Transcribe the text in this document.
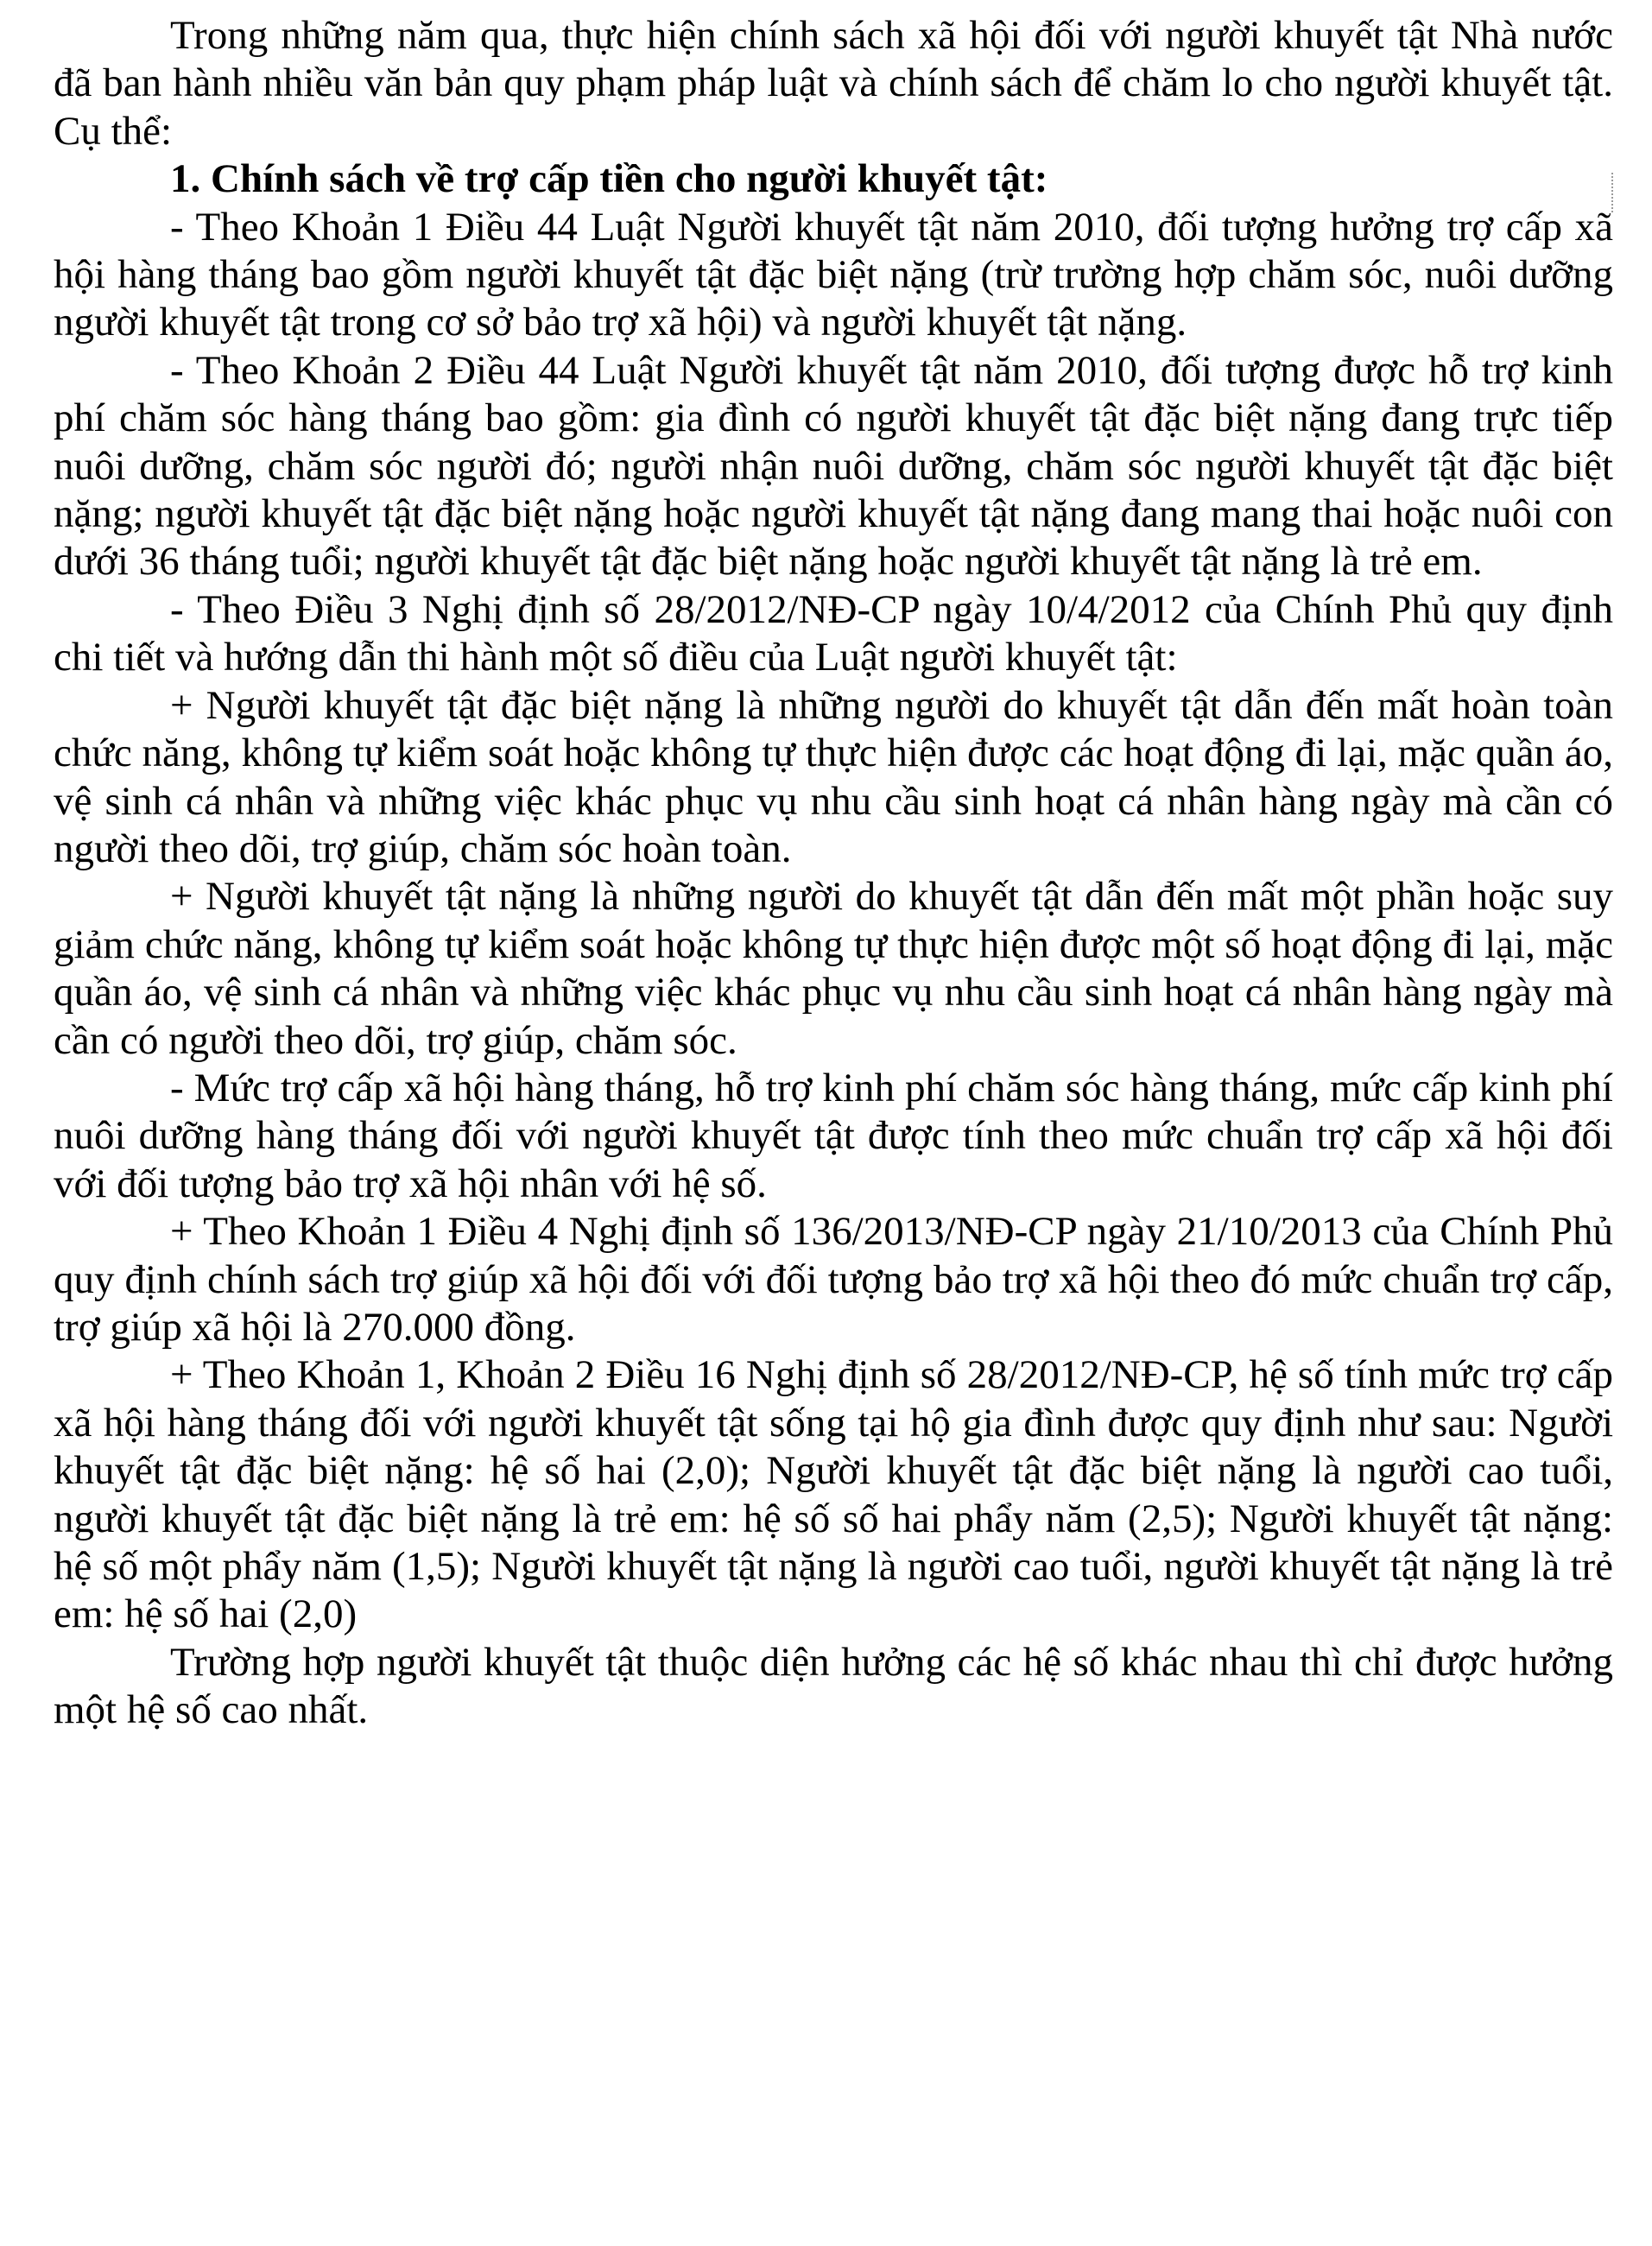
Trong những năm qua, thực hiện chính sách xã hội đối với người khuyết tật Nhà nước đã ban hành nhiều văn bản quy phạm pháp luật và chính sách để chăm lo cho người khuyết tật. Cụ thể:

1. Chính sách về trợ cấp tiền cho người khuyết tật:

- Theo Khoản 1 Điều 44 Luật Người khuyết tật năm 2010, đối tượng hưởng trợ cấp xã hội hàng tháng bao gồm người khuyết tật đặc biệt nặng (trừ trường hợp chăm sóc, nuôi dưỡng người khuyết tật trong cơ sở bảo trợ xã hội) và người khuyết tật nặng.

- Theo Khoản 2 Điều 44 Luật Người khuyết tật năm 2010, đối tượng được hỗ trợ kinh phí chăm sóc hàng tháng bao gồm: gia đình có người khuyết tật đặc biệt nặng đang trực tiếp nuôi dưỡng, chăm sóc người đó; người nhận nuôi dưỡng, chăm sóc người khuyết tật đặc biệt nặng; người khuyết tật đặc biệt nặng hoặc người khuyết tật nặng đang mang thai hoặc nuôi con dưới 36 tháng tuổi; người khuyết tật đặc biệt nặng hoặc người khuyết tật nặng là trẻ em.

- Theo Điều 3 Nghị định số 28/2012/NĐ-CP ngày 10/4/2012 của Chính Phủ quy định chi tiết và hướng dẫn thi hành một số điều của Luật người khuyết tật:

+ Người khuyết tật đặc biệt nặng là những người do khuyết tật dẫn đến mất hoàn toàn chức năng, không tự kiểm soát hoặc không tự thực hiện được các hoạt động đi lại, mặc quần áo, vệ sinh cá nhân và những việc khác phục vụ nhu cầu sinh hoạt cá nhân hàng ngày mà cần có người theo dõi, trợ giúp, chăm sóc hoàn toàn.

+ Người khuyết tật nặng là những người do khuyết tật dẫn đến mất một phần hoặc suy giảm chức năng, không tự kiểm soát hoặc không tự thực hiện được một số hoạt động đi lại, mặc quần áo, vệ sinh cá nhân và những việc khác phục vụ nhu cầu sinh hoạt cá nhân hàng ngày mà cần có người theo dõi, trợ giúp, chăm sóc.

- Mức trợ cấp xã hội hàng tháng, hỗ trợ kinh phí chăm sóc hàng tháng, mức cấp kinh phí nuôi dưỡng hàng tháng đối với người khuyết tật được tính theo mức chuẩn trợ cấp xã hội đối với đối tượng bảo trợ xã hội nhân với hệ số.

+ Theo Khoản 1 Điều 4 Nghị định số 136/2013/NĐ-CP ngày 21/10/2013 của Chính Phủ quy định chính sách trợ giúp xã hội đối với đối tượng bảo trợ xã hội theo đó mức chuẩn trợ cấp, trợ giúp xã hội là 270.000 đồng.

+ Theo Khoản 1, Khoản 2 Điều 16 Nghị định số 28/2012/NĐ-CP, hệ số tính mức trợ cấp xã hội hàng tháng đối với người khuyết tật sống tại hộ gia đình được quy định như sau: Người khuyết tật đặc biệt nặng: hệ số hai (2,0); Người khuyết tật đặc biệt nặng là người cao tuổi, người khuyết tật đặc biệt nặng là trẻ em: hệ số số hai phẩy năm (2,5); Người khuyết tật nặng: hệ số một phẩy năm (1,5); Người khuyết tật nặng là người cao tuổi, người khuyết tật nặng là trẻ em: hệ số hai (2,0)

Trường hợp người khuyết tật thuộc diện hưởng các hệ số khác nhau thì chỉ được hưởng một hệ số cao nhất.
